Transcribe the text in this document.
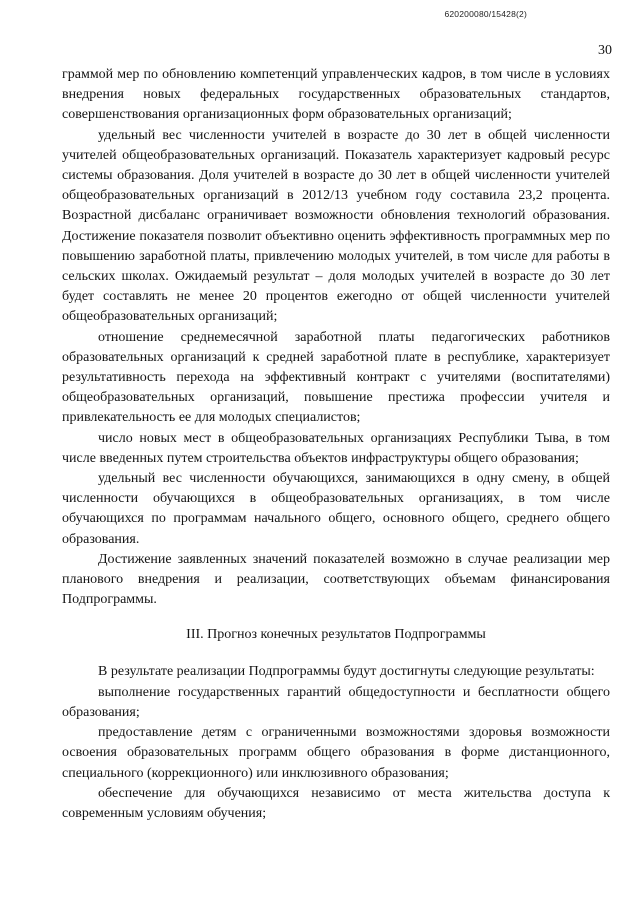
620200080/15428(2)
30

граммой мер по обновлению компетенций управленческих кадров, в том числе в условиях внедрения новых федеральных государственных образовательных стандартов, совершенствования организационных форм образовательных организаций;

удельный вес численности учителей в возрасте до 30 лет в общей численности учителей общеобразовательных организаций. Показатель характеризует кадровый ресурс системы образования. Доля учителей в возрасте до 30 лет в общей численности учителей общеобразовательных организаций в 2012/13 учебном году составила 23,2 процента. Возрастной дисбаланс ограничивает возможности обновления технологий образования. Достижение показателя позволит объективно оценить эффективность программных мер по повышению заработной платы, привлечению молодых учителей, в том числе для работы в сельских школах. Ожидаемый результат – доля молодых учителей в возрасте до 30 лет будет составлять не менее 20 процентов ежегодно от общей численности учителей общеобразовательных организаций;

отношение среднемесячной заработной платы педагогических работников образовательных организаций к средней заработной плате в республике, характеризует результативность перехода на эффективный контракт с учителями (воспитателями) общеобразовательных организаций, повышение престижа профессии учителя и привлекательность ее для молодых специалистов;

число новых мест в общеобразовательных организациях Республики Тыва, в том числе введенных путем строительства объектов инфраструктуры общего образования;

удельный вес численности обучающихся, занимающихся в одну смену, в общей численности обучающихся в общеобразовательных организациях, в том числе обучающихся по программам начального общего, основного общего, среднего общего образования.

Достижение заявленных значений показателей возможно в случае реализации мер планового внедрения и реализации, соответствующих объемам финансирования Подпрограммы.

III. Прогноз конечных результатов Подпрограммы

В результате реализации Подпрограммы будут достигнуты следующие результаты:

выполнение государственных гарантий общедоступности и бесплатности общего образования;

предоставление детям с ограниченными возможностями здоровья возможности освоения образовательных программ общего образования в форме дистанционного, специального (коррекционного) или инклюзивного образования;

обеспечение для обучающихся независимо от места жительства доступа к современным условиям обучения;
